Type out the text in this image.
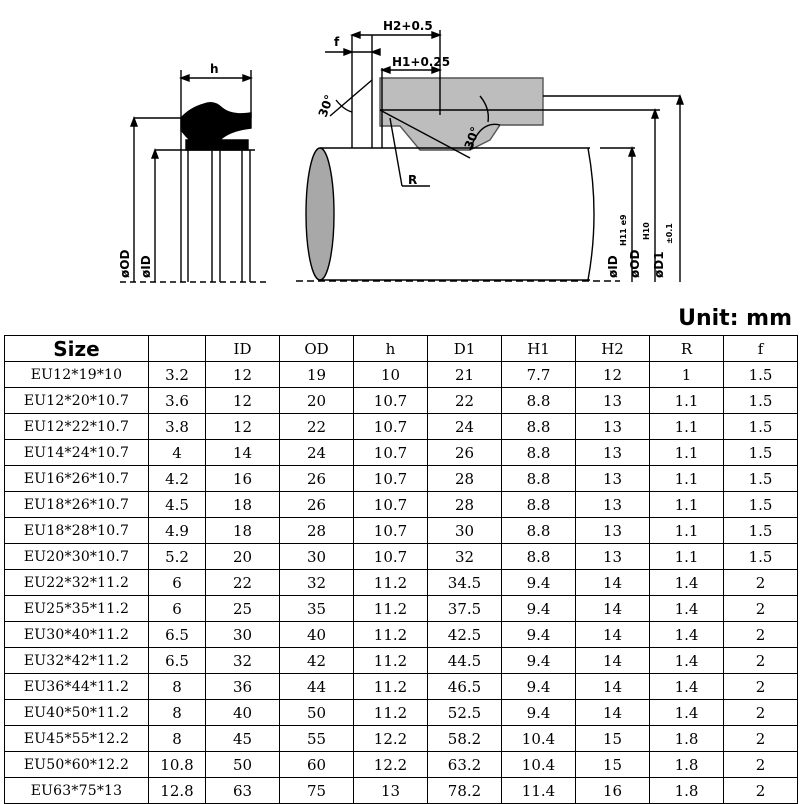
h
øOD øID
f
H2+0.5
H1+0.25
30°
30°
R
øID
H11 e9
øOD
H10
øD1
±0.1
Unit: mm
Size		ID	OD	h	D1	H1	H2	R	f
EU12*19*10	3.2	12	19	10	21	7.7	12	1	1.5
EU12*20*10.7	3.6	12	20	10.7	22	8.8	13	1.1	1.5
EU12*22*10.7	3.8	12	22	10.7	24	8.8	13	1.1	1.5
EU14*24*10.7	4	14	24	10.7	26	8.8	13	1.1	1.5
EU16*26*10.7	4.2	16	26	10.7	28	8.8	13	1.1	1.5
EU18*26*10.7	4.5	18	26	10.7	28	8.8	13	1.1	1.5
EU18*28*10.7	4.9	18	28	10.7	30	8.8	13	1.1	1.5
EU20*30*10.7	5.2	20	30	10.7	32	8.8	13	1.1	1.5
EU22*32*11.2	6	22	32	11.2	34.5	9.4	14	1.4	2
EU25*35*11.2	6	25	35	11.2	37.5	9.4	14	1.4	2
EU30*40*11.2	6.5	30	40	11.2	42.5	9.4	14	1.4	2
EU32*42*11.2	6.5	32	42	11.2	44.5	9.4	14	1.4	2
EU36*44*11.2	8	36	44	11.2	46.5	9.4	14	1.4	2
EU40*50*11.2	8	40	50	11.2	52.5	9.4	14	1.4	2
EU45*55*12.2	8	45	55	12.2	58.2	10.4	15	1.8	2
EU50*60*12.2	10.8	50	60	12.2	63.2	10.4	15	1.8	2
EU63*75*13	12.8	63	75	13	78.2	11.4	16	1.8	2
